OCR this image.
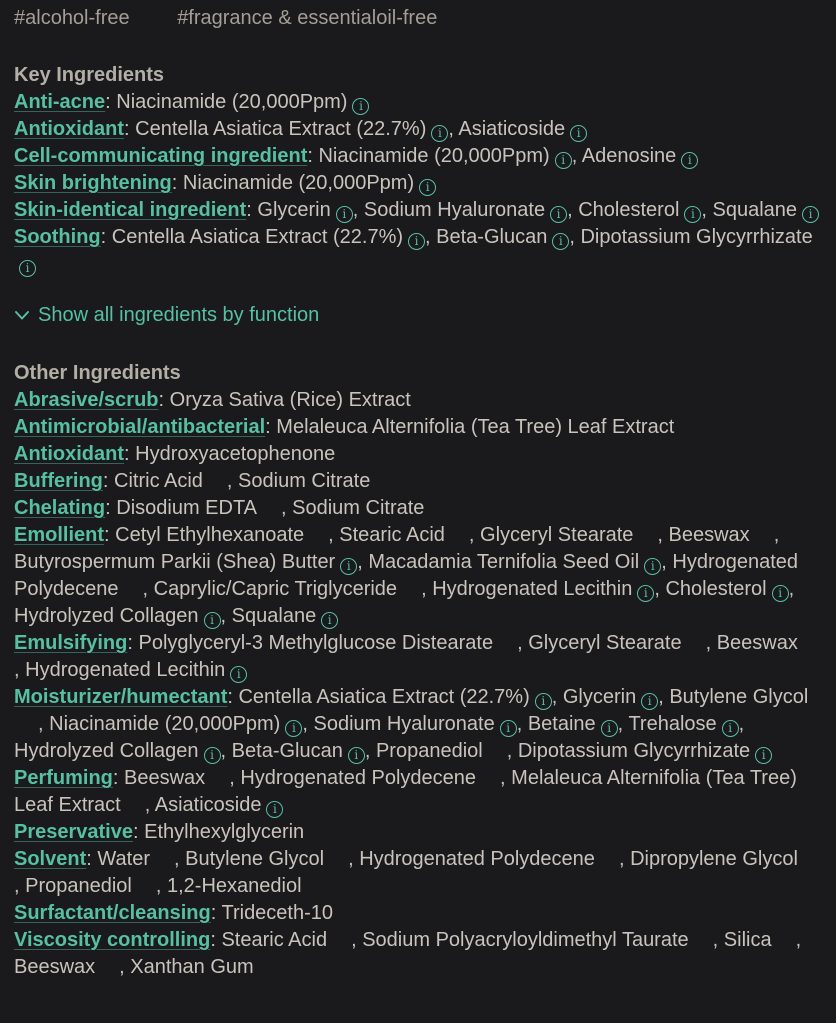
#alcohol-free #fragrance & essentialoil-free
Key Ingredients
Anti-acne: Niacinamide (20,000Ppm) i
Antioxidant: Centella Asiatica Extract (22.7%) i , Asiaticoside i
Cell-communicating ingredient: Niacinamide (20,000Ppm) i , Adenosine i
Skin brightening: Niacinamide (20,000Ppm) i
Skin-identical ingredient: Glycerin i , Sodium Hyaluronate i , Cholesterol i , Squalane i
Soothing: Centella Asiatica Extract (22.7%) i , Beta-Glucan i , Dipotassium Glycyrrhizatei
Show all ingredients by function
Other Ingredients
Abrasive/scrub: Oryza Sativa (Rice) Extract
Antimicrobial/antibacterial: Melaleuca Alternifolia (Tea Tree) Leaf Extract
Antioxidant: Hydroxyacetophenone
Buffering: Citric Acid , Sodium Citrate
Chelating: Disodium EDTA , Sodium Citrate
Emollient: Cetyl Ethylhexanoate , Stearic Acid , Glyceryl Stearate , Beeswax , Butyrospermum Parkii (Shea) Butter i , Macadamia Ternifolia Seed Oil i , Hydrogenated Polydecene , Caprylic/Capric Triglyceride , Hydrogenated Lecithin i , Cholesterol i , Hydrolyzed Collagen i , Squalane i
Emulsifying: Polyglyceryl-3 Methylglucose Distearate , Glyceryl Stearate , Beeswax, Hydrogenated Lecithin i
Moisturizer/humectant: Centella Asiatica Extract (22.7%) i , Glycerin i , Butylene Glycol, Niacinamide (20,000Ppm) i , Sodium Hyaluronate i , Betaine i , Trehalose i , Hydrolyzed Collagen i , Beta-Glucan i , Propanediol , Dipotassium Glycyrrhizate i
Perfuming: Beeswax , Hydrogenated Polydecene , Melaleuca Alternifolia (Tea Tree) Leaf Extract , Asiaticoside i
Preservative: Ethylhexylglycerin
Solvent: Water , Butylene Glycol , Hydrogenated Polydecene , Dipropylene Glycol, Propanediol , 1,2-Hexanediol
Surfactant/cleansing: Trideceth-10
Viscosity controlling: Stearic Acid , Sodium Polyacryloyldimethyl Taurate , Silica , Beeswax , Xanthan Gum
